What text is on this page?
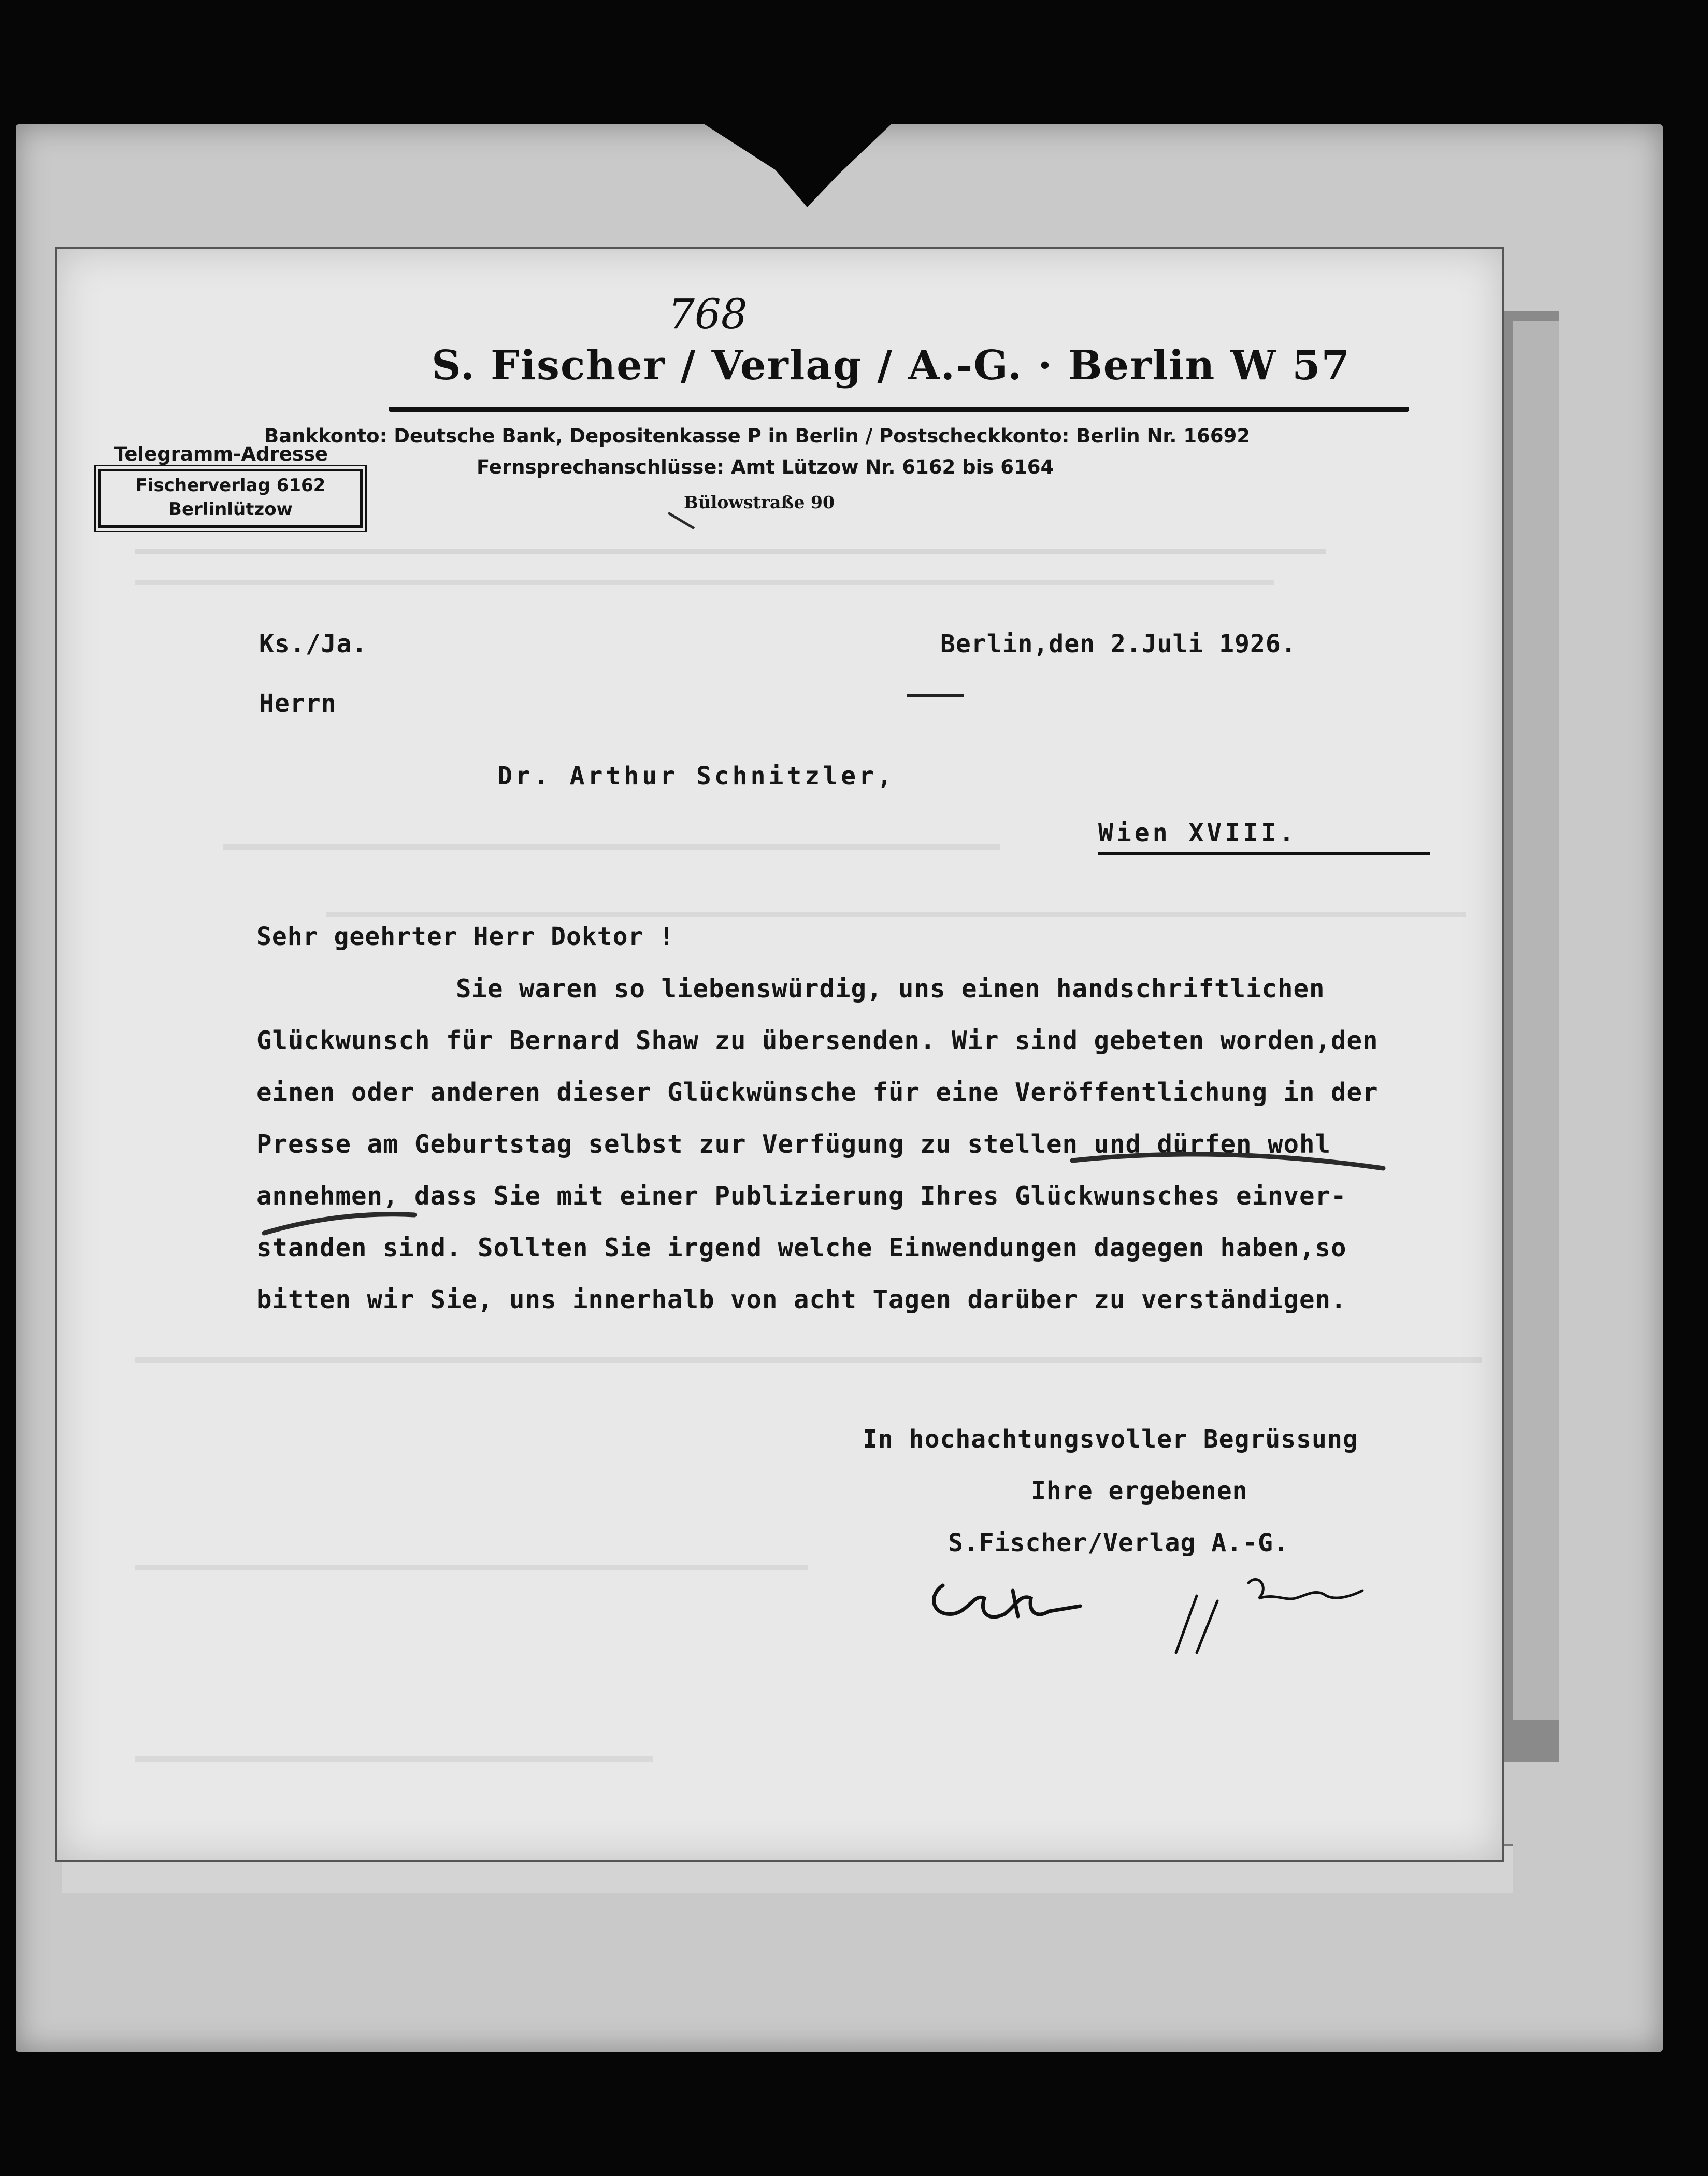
768
S. Fischer / Verlag / A.-G. · Berlin W 57
Bankkonto: Deutsche Bank, Depositenkasse P in Berlin / Postscheckkonto: Berlin Nr. 16692
Fernsprechanschlüsse: Amt Lützow Nr. 6162 bis 6164
Bülowstraße 90
Telegramm-Adresse
Fischerverlag 6162
Berlinlützow
Ks./Ja.	Berlin,den 2.Juli 1926.
Herrn
Dr. Arthur Schnitzler,
Wien XVIII.
Sehr geehrter Herr Doktor !
Sie waren so liebenswürdig, uns einen handschriftlichen
Glückwunsch für Bernard Shaw zu übersenden. Wir sind gebeten worden,den
einen oder anderen dieser Glückwünsche für eine Veröffentlichung in der
Presse am Geburtstag selbst zur Verfügung zu stellen und dürfen wohl
annehmen, dass Sie mit einer Publizierung Ihres Glückwunsches einver-
standen sind. Sollten Sie irgend welche Einwendungen dagegen haben,so
bitten wir Sie, uns innerhalb von acht Tagen darüber zu verständigen.
In hochachtungsvoller Begrüssung
Ihre ergebenen
S.Fischer/Verlag A.-G.
